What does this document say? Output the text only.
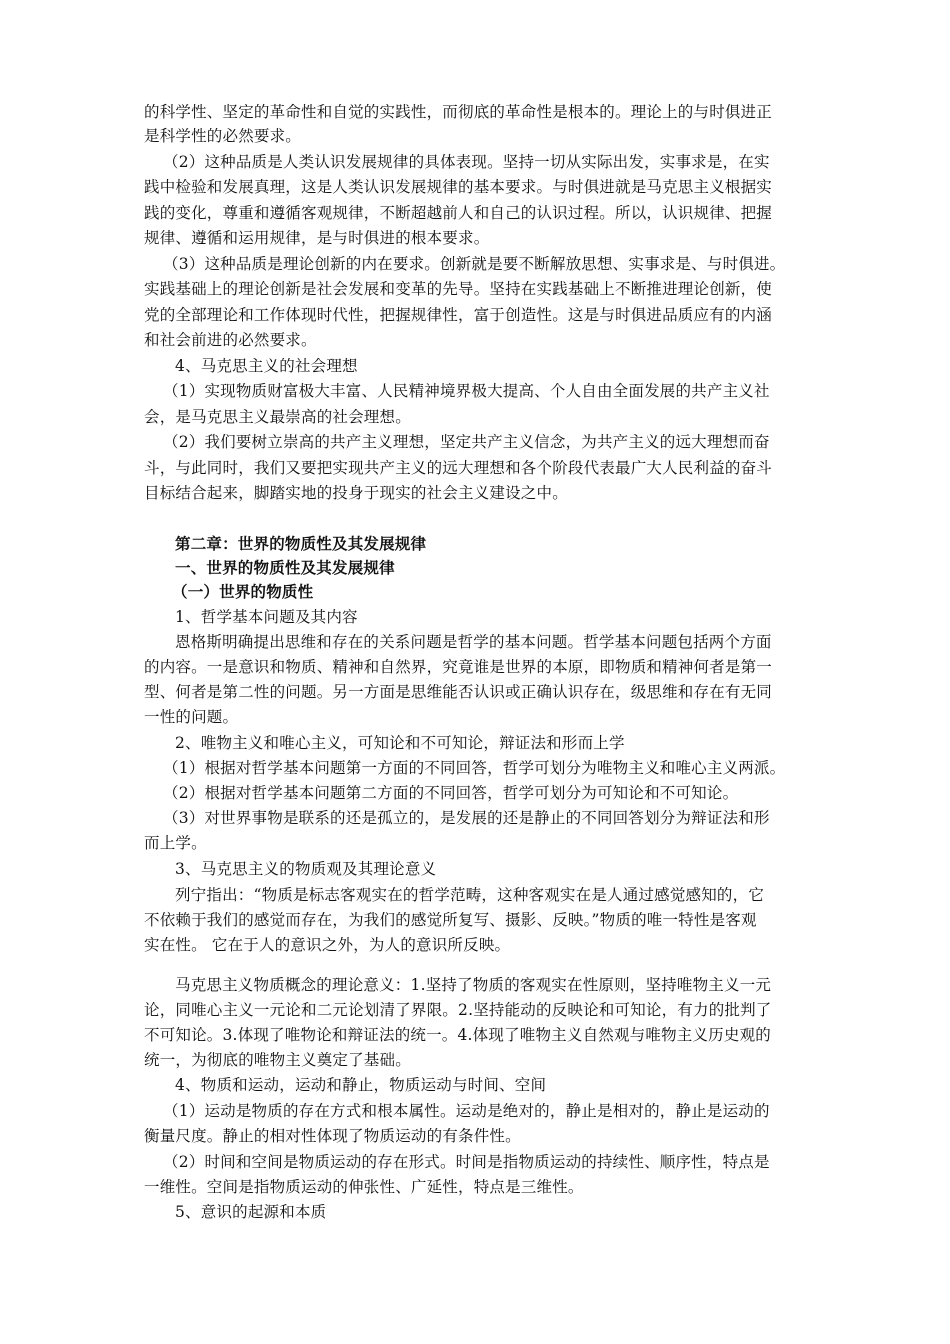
的科学性、坚定的革命性和自觉的实践性，而彻底的革命性是根本的。理论上的与时俱进正
是科学性的必然要求。
（2）这种品质是人类认识发展规律的具体表现。坚持一切从实际出发，实事求是，在实
践中检验和发展真理，这是人类认识发展规律的基本要求。与时俱进就是马克思主义根据实
践的变化，尊重和遵循客观规律，不断超越前人和自己的认识过程。所以，认识规律、把握
规律、遵循和运用规律，是与时俱进的根本要求。
（3）这种品质是理论创新的内在要求。创新就是要不断解放思想、实事求是、与时俱进。
实践基础上的理论创新是社会发展和变革的先导。坚持在实践基础上不断推进理论创新，使
党的全部理论和工作体现时代性，把握规律性，富于创造性。这是与时俱进品质应有的内涵
和社会前进的必然要求。
4、马克思主义的社会理想
（1）实现物质财富极大丰富、人民精神境界极大提高、个人自由全面发展的共产主义社
会，是马克思主义最崇高的社会理想。
（2）我们要树立崇高的共产主义理想，坚定共产主义信念，为共产主义的远大理想而奋
斗，与此同时，我们又要把实现共产主义的远大理想和各个阶段代表最广大人民利益的奋斗
目标结合起来，脚踏实地的投身于现实的社会主义建设之中。
第二章：世界的物质性及其发展规律
一、世界的物质性及其发展规律
（一）世界的物质性
1、哲学基本问题及其内容
恩格斯明确提出思维和存在的关系问题是哲学的基本问题。哲学基本问题包括两个方面
的内容。一是意识和物质、精神和自然界，究竟谁是世界的本原，即物质和精神何者是第一
型、何者是第二性的问题。另一方面是思维能否认识或正确认识存在，级思维和存在有无同
一性的问题。
2、唯物主义和唯心主义，可知论和不可知论，辩证法和形而上学
（1）根据对哲学基本问题第一方面的不同回答，哲学可划分为唯物主义和唯心主义两派。
（2）根据对哲学基本问题第二方面的不同回答，哲学可划分为可知论和不可知论。
（3）对世界事物是联系的还是孤立的，是发展的还是静止的不同回答划分为辩证法和形
而上学。
3、马克思主义的物质观及其理论意义
列宁指出：“物质是标志客观实在的哲学范畴，这种客观实在是人通过感觉感知的，它
不依赖于我们的感觉而存在，为我们的感觉所复写、摄影、反映。”物质的唯一特性是客观
实在性。 它在于人的意识之外，为人的意识所反映。
马克思主义物质概念的理论意义：1.坚持了物质的客观实在性原则，坚持唯物主义一元
论，同唯心主义一元论和二元论划清了界限。2.坚持能动的反映论和可知论，有力的批判了
不可知论。3.体现了唯物论和辩证法的统一。4.体现了唯物主义自然观与唯物主义历史观的
统一，为彻底的唯物主义奠定了基础。
4、物质和运动，运动和静止，物质运动与时间、空间
（1）运动是物质的存在方式和根本属性。运动是绝对的，静止是相对的，静止是运动的
衡量尺度。静止的相对性体现了物质运动的有条件性。
（2）时间和空间是物质运动的存在形式。时间是指物质运动的持续性、顺序性，特点是
一维性。空间是指物质运动的伸张性、广延性，特点是三维性。
5、意识的起源和本质
